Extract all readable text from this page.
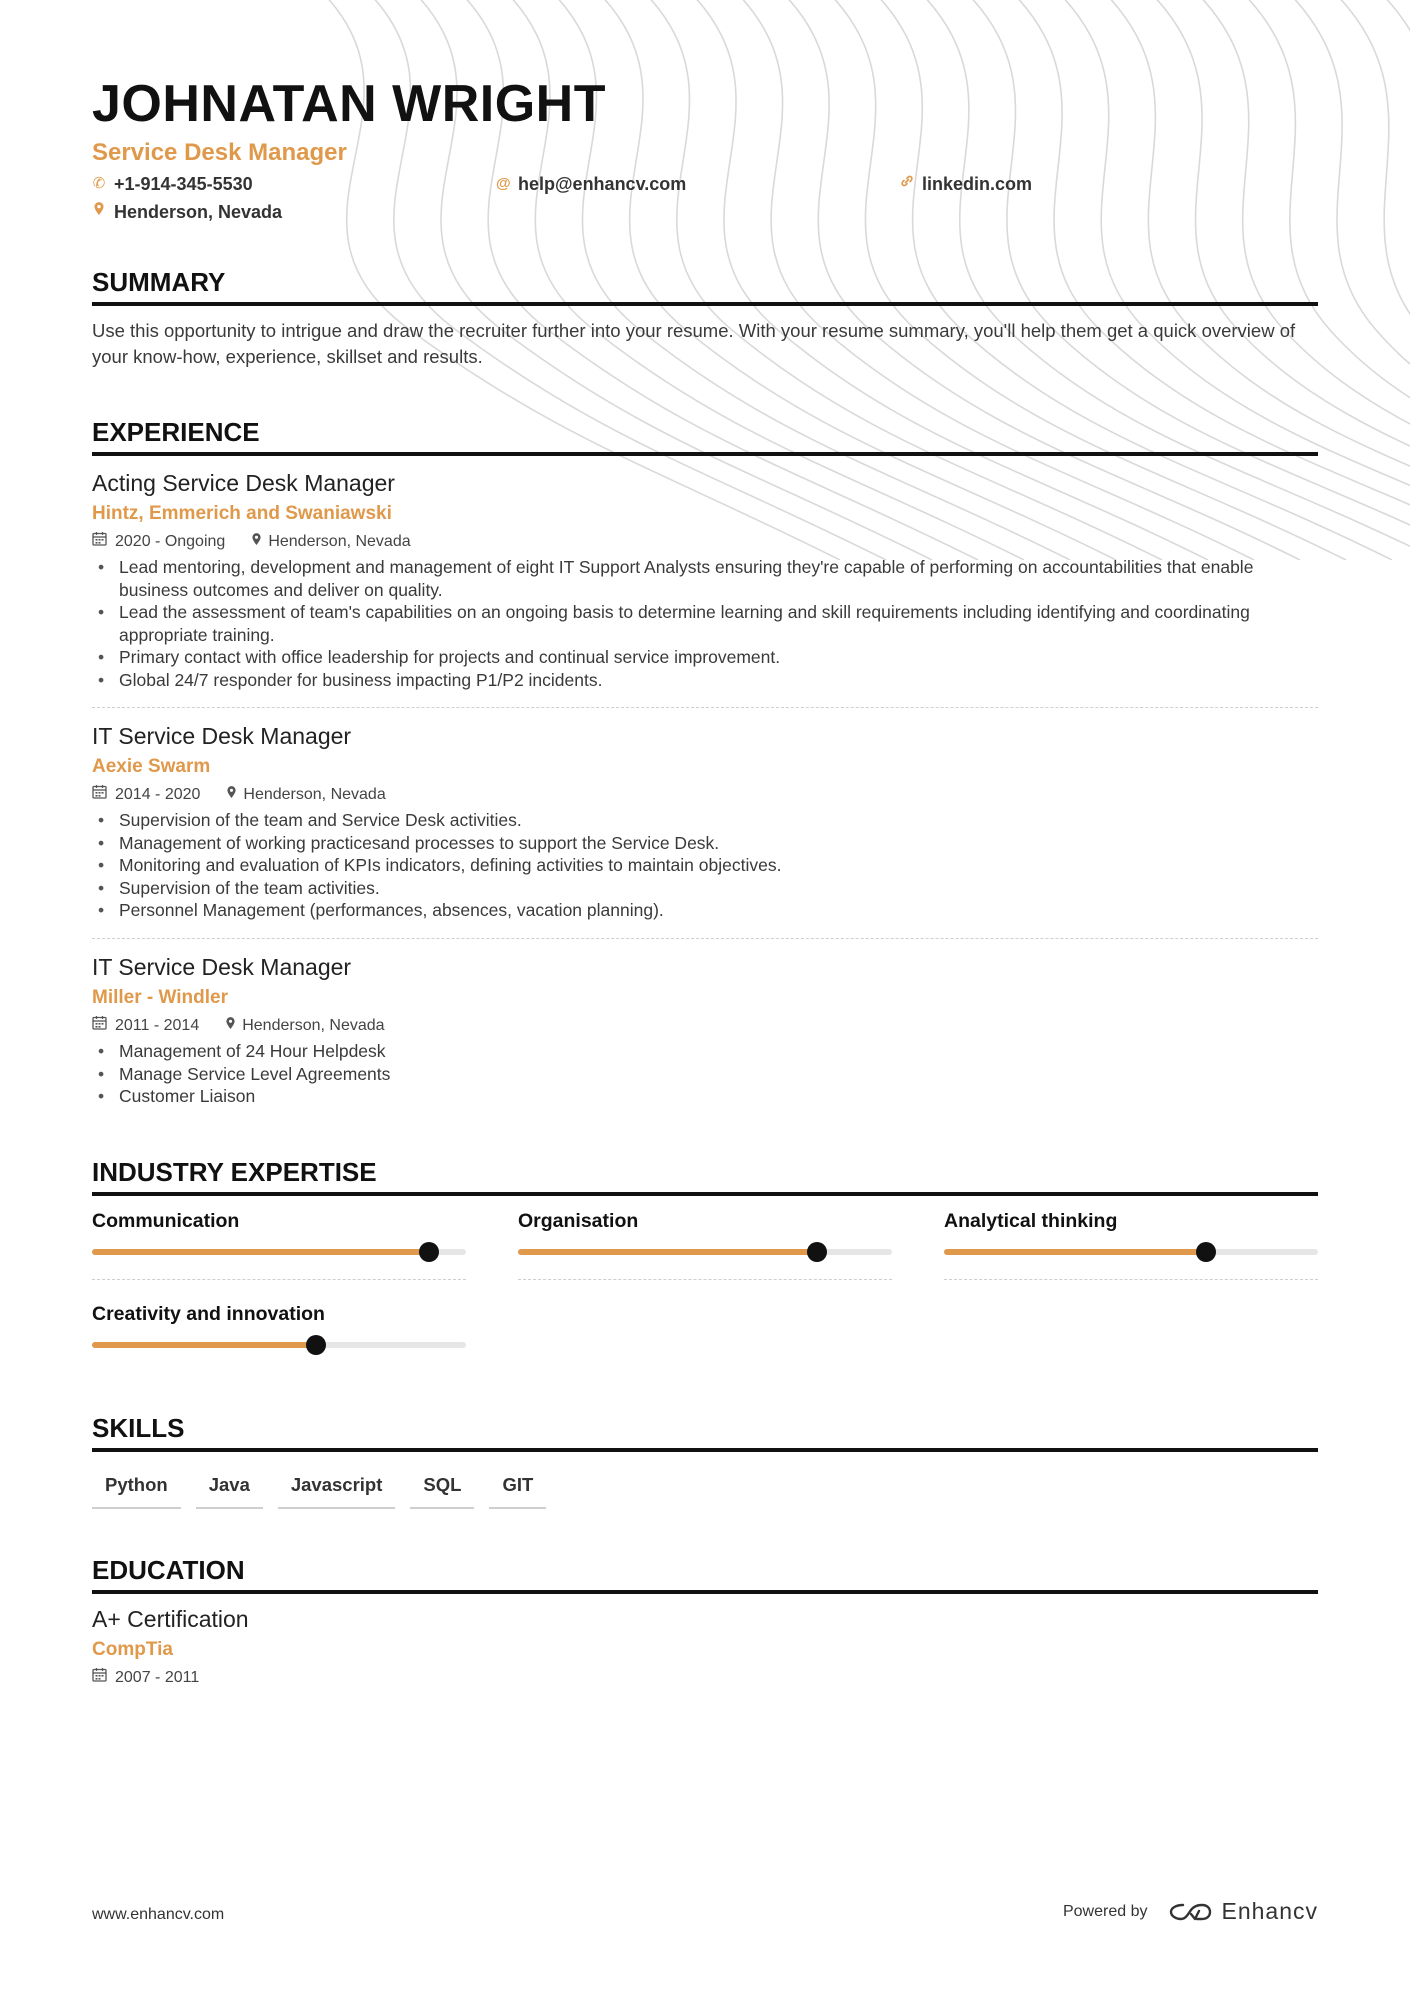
JOHNATAN WRIGHT
Service Desk Manager
✆ +1-914-345-5530	@ help@enhancv.com	linkedin.com
Henderson, Nevada
SUMMARY
Use this opportunity to intrigue and draw the recruiter further into your resume. With your resume summary, you'll help them get a quick overview of your know-how, experience, skillset and results.
EXPERIENCE
Acting Service Desk Manager
Hintz, Emmerich and Swaniawski
2020 - Ongoing	Henderson, Nevada
• Lead mentoring, development and management of eight IT Support Analysts ensuring they're capable of performing on accountabilities that enable business outcomes and deliver on quality.
• Lead the assessment of team's capabilities on an ongoing basis to determine learning and skill requirements including identifying and coordinating appropriate training.
• Primary contact with office leadership for projects and continual service improvement.
• Global 24/7 responder for business impacting P1/P2 incidents.
IT Service Desk Manager
Aexie Swarm
2014 - 2020	Henderson, Nevada
• Supervision of the team and Service Desk activities.
• Management of working practicesand processes to support the Service Desk.
• Monitoring and evaluation of KPIs indicators, defining activities to maintain objectives.
• Supervision of the team activities.
• Personnel Management (performances, absences, vacation planning).
IT Service Desk Manager
Miller - Windler
2011 - 2014	Henderson, Nevada
• Management of 24 Hour Helpdesk
• Manage Service Level Agreements
• Customer Liaison
INDUSTRY EXPERTISE
Communication	Organisation	Analytical thinking
Creativity and innovation
SKILLS
Python	Java	Javascript	SQL	GIT
EDUCATION
A+ Certification
CompTia
2007 - 2011
www.enhancv.com	Powered by	Enhancv
